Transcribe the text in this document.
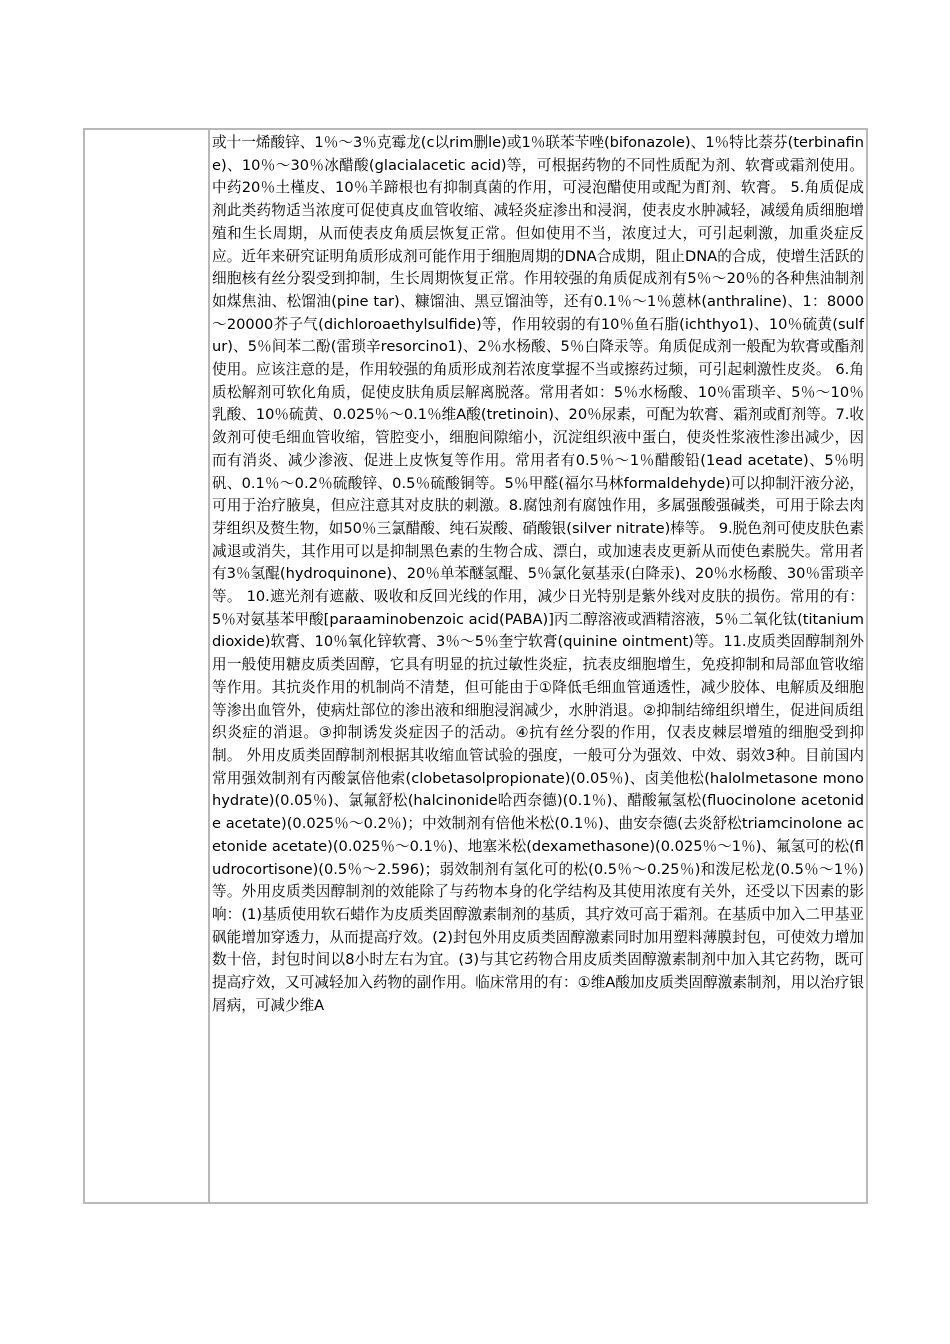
或十一烯酸锌、1％～3％克霉龙(c以rim删le)或1％联苯苄唑(bifonazole)、1％特比萘芬(terbinafine)、10％～30％冰醋酸(glacialacetic acid)等，可根据药物的不同性质配为剂、软膏或霜剂使用。中药20％土槿皮、10％羊蹄根也有抑制真菌的作用，可浸泡醋使用或配为酊剂、软膏。 5.角质促成剂此类药物适当浓度可促使真皮血管收缩、减轻炎症渗出和浸润，使表皮水肿减轻，减缓角质细胞增殖和生长周期，从而使表皮角质层恢复正常。但如使用不当，浓度过大，可引起刺激，加重炎症反应。近年来研究证明角质形成剂可能作用于细胞周期的DNA合成期，阻止DNA的合成，使增生活跃的细胞核有丝分裂受到抑制，生长周期恢复正常。作用较强的角质促成剂有5％～20％的各种焦油制剂如煤焦油、松馏油(pine tar)、糠馏油、黑豆馏油等，还有0.1％～1％蒽林(anthraline)、1：8000～20000芥子气(dichloroaethylsulfide)等，作用较弱的有10％鱼石脂(ichthyo1)、10％硫黄(sulfur)、5％间苯二酚(雷琐辛resorcino1)、2％水杨酸、5％白降汞等。角质促成剂一般配为软膏或酯剂使用。应该注意的是，作用较强的角质形成剂若浓度掌握不当或擦药过频，可引起刺激性皮炎。 6.角质松解剂可软化角质，促使皮肤角质层解离脱落。常用者如：5％水杨酸、10％雷琐辛、5％～10％乳酸、10％硫黄、0.025％～0.1％维A酸(tretinoin)、20％尿素，可配为软膏、霜剂或酊剂等。7.收敛剂可使毛细血管收缩，管腔变小，细胞间隙缩小，沉淀组织液中蛋白，使炎性浆液性渗出减少，因而有消炎、减少渗液、促进上皮恢复等作用。常用者有0.5％～1％醋酸铅(1ead acetate)、5％明矾、0.1％～0.2％硫酸锌、0.5％硫酸铜等。5％甲醛(福尔马林formaldehyde)可以抑制汗液分泌，可用于治疗腋臭，但应注意其对皮肤的刺激。8.腐蚀剂有腐蚀作用，多属强酸强碱类，可用于除去肉芽组织及赘生物，如50％三氯醋酸、纯石炭酸、硝酸银(silver nitrate)棒等。 9.脱色剂可使皮肤色素减退或消失，其作用可以是抑制黑色素的生物合成、漂白，或加速表皮更新从而使色素脱失。常用者有3％氢醌(hydroquinone)、20％单苯醚氢醌、5％氯化氨基汞(白降汞)、20％水杨酸、30％雷琐辛等。 10.遮光剂有遮蔽、吸收和反回光线的作用，减少日光特别是紫外线对皮肤的损伤。常用的有：5％对氨基苯甲酸[paraaminobenzoic acid(PABA)]丙二醇溶液或酒精溶液，5％二氧化钛(titanium dioxide)软膏、10％氧化锌软膏、3％～5％奎宁软膏(quinine ointment)等。11.皮质类固醇制剂外用一般使用糖皮质类固醇，它具有明显的抗过敏性炎症，抗表皮细胞增生，免疫抑制和局部血管收缩等作用。其抗炎作用的机制尚不清楚，但可能由于①降低毛细血管通透性，减少胶体、电解质及细胞等渗出血管外，使病灶部位的渗出液和细胞浸润减少，水肿消退。②抑制结缔组织增生，促进间质组织炎症的消退。③抑制诱发炎症因子的活动。④抗有丝分裂的作用，仅表皮棘层增殖的细胞受到抑制。 外用皮质类固醇制剂根据其收缩血管试验的强度，一般可分为强效、中效、弱效3种。目前国内常用强效制剂有丙酸氯倍他索(clobetasolpropionate)(0.05％)、卤美他松(halolmetasone monohydrate)(0.05％)、氯氟舒松(halcinonide哈西奈德)(0.1％)、醋酸氟氢松(fluocinolone acetonide acetate)(0.025％～0.2％)；中效制剂有倍他米松(0.1％)、曲安奈德(去炎舒松triamcinolone acetonide acetate)(0.025％～0.1％)、地塞米松(dexamethasone)(0.025％～1％)、氟氢可的松(fludrocortisone)(0.5％～2.596)；弱效制剂有氢化可的松(0.5％～0.25％)和泼尼松龙(0.5％～1％)等。外用皮质类因醇制剂的效能除了与药物本身的化学结构及其使用浓度有关外，还受以下因素的影响：(1)基质使用软石蜡作为皮质类固醇激素制剂的基质，其疗效可高于霜剂。在基质中加入二甲基亚砜能增加穿透力，从而提高疗效。(2)封包外用皮质类固醇激素同时加用塑料薄膜封包，可使效力增加数十倍，封包时间以8小时左右为宜。(3)与其它药物合用皮质类固醇激素制剂中加入其它药物，既可提高疗效，又可减轻加入药物的副作用。临床常用的有：①维A酸加皮质类固醇激素制剂，用以治疗银屑病，可减少维A
